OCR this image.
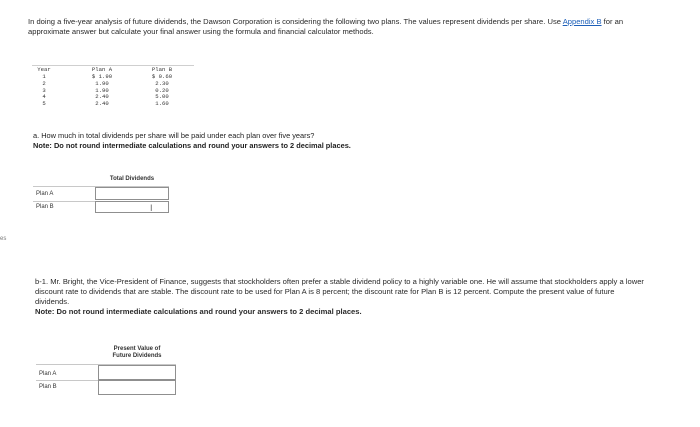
es
In doing a five-year analysis of future dividends, the Dawson Corporation is considering the following two plans. The values represent dividends per share. Use Appendix B for an approximate answer but calculate your final answer using the formula and financial calculator methods.
Year
1
2
3
4
5
Plan A
$ 1.90
1.90
1.90
2.40
2.40
Plan B
$ 0.60
2.30
0.20
5.00
1.60
a. How much in total dividends per share will be paid under each plan over five years?
Note: Do not round intermediate calculations and round your answers to 2 decimal places.
Total Dividends
Plan A
Plan B	I
b-1. Mr. Bright, the Vice-President of Finance, suggests that stockholders often prefer a stable dividend policy to a highly variable one. He will assume that stockholders apply a lower discount rate to dividends that are stable. The discount rate to be used for Plan A is 8 percent; the discount rate for Plan B is 12 percent. Compute the present value of future dividends.
Note: Do not round intermediate calculations and round your answers to 2 decimal places.
Present Value of
Future Dividends
Plan A
Plan B
